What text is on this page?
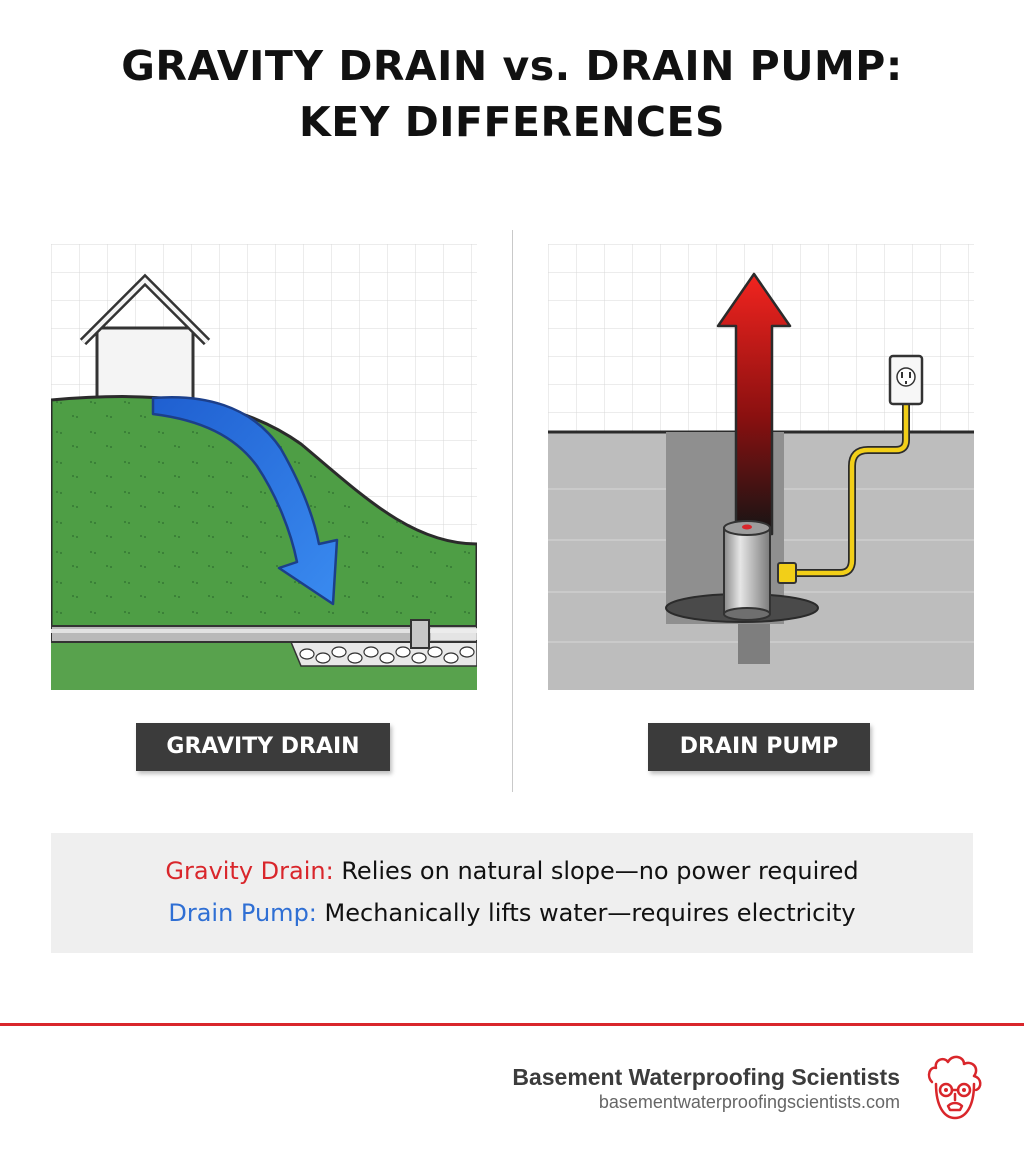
GRAVITY DRAIN vs. DRAIN PUMP:
KEY DIFFERENCES
GRAVITY DRAIN	DRAIN PUMP
Gravity Drain: Relies on natural slope—no power required
Drain Pump: Mechanically lifts water—requires electricity
Basement Waterproofing Scientists
basementwaterproofingscientists.com
